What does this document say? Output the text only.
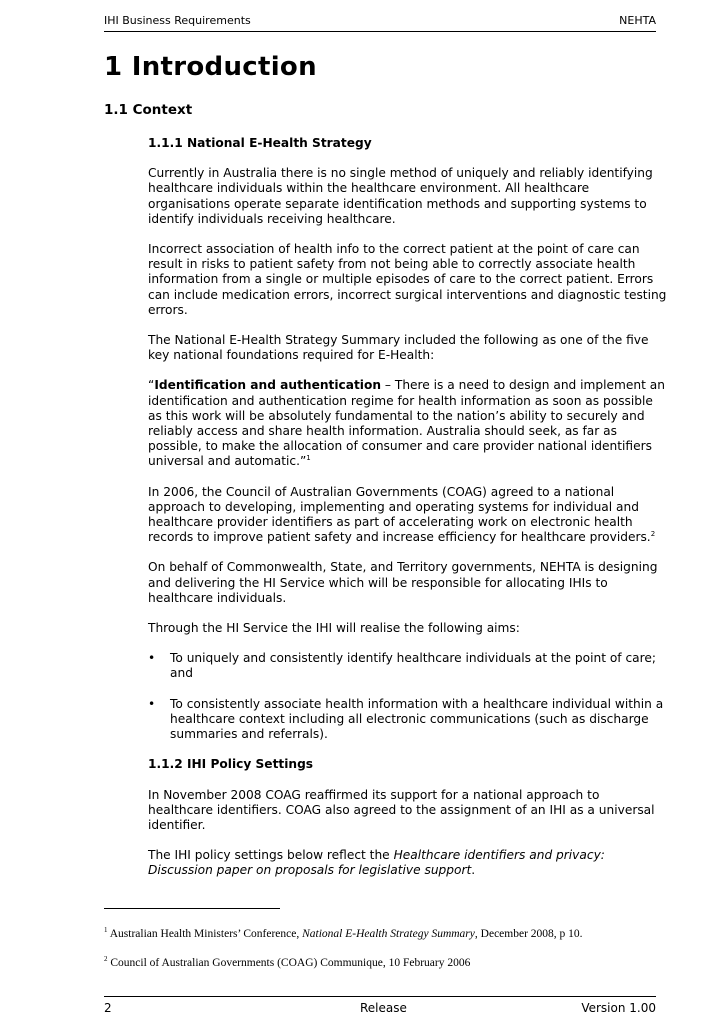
IHI Business Requirements	NEHTA
1 Introduction
1.1 Context
1.1.1 National E-Health Strategy

Currently in Australia there is no single method of uniquely and reliably identifying healthcare individuals within the healthcare environment. All healthcare organisations operate separate identification methods and supporting systems to identify individuals receiving healthcare.

Incorrect association of health info to the correct patient at the point of care can result in risks to patient safety from not being able to correctly associate health information from a single or multiple episodes of care to the correct patient. Errors can include medication errors, incorrect surgical interventions and diagnostic testing errors.

The National E-Health Strategy Summary included the following as one of the five key national foundations required for E-Health:

“Identification and authentication – There is a need to design and implement an identification and authentication regime for health information as soon as possible as this work will be absolutely fundamental to the nation’s ability to securely and reliably access and share health information. Australia should seek, as far as possible, to make the allocation of consumer and care provider national identifiers universal and automatic.”$^1$

In 2006, the Council of Australian Governments (COAG) agreed to a national approach to developing, implementing and operating systems for individual and healthcare provider identifiers as part of accelerating work on electronic health records to improve patient safety and increase efficiency for healthcare providers.$^2$

On behalf of Commonwealth, State, and Territory governments, NEHTA is designing and delivering the HI Service which will be responsible for allocating IHIs to healthcare individuals.

Through the HI Service the IHI will realise the following aims:

• To uniquely and consistently identify healthcare individuals at the point of care; and
• To consistently associate health information with a healthcare individual within a healthcare context including all electronic communications (such as discharge summaries and referrals).
1.1.2 IHI Policy Settings

In November 2008 COAG reaffirmed its support for a national approach to healthcare identifiers. COAG also agreed to the assignment of an IHI as a universal identifier.

The IHI policy settings below reflect the Healthcare identifiers and privacy: Discussion paper on proposals for legislative support.

$^1$ Australian Health Ministers’ Conference, National E-Health Strategy Summary, December 2008, p 10.
$^2$ Council of Australian Governments (COAG) Communique, 10 February 2006
2	Release	Version 1.00
